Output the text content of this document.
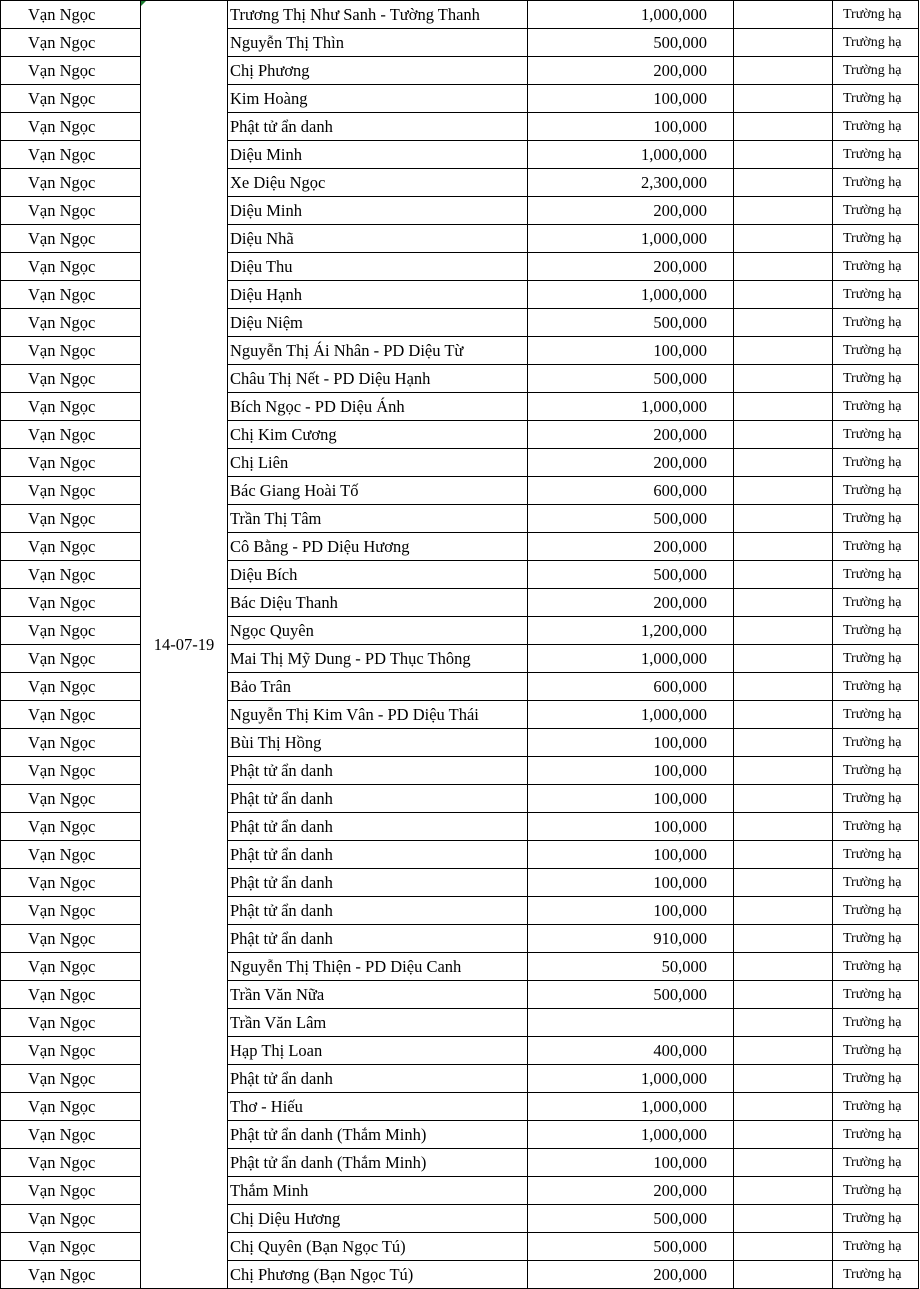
Vạn Ngọc	14-07-19	Trương Thị Như Sanh - Tường Thanh	1,000,000		Trường hạ
Vạn Ngọc		Nguyễn Thị Thìn	500,000		Trường hạ
Vạn Ngọc		Chị Phương	200,000		Trường hạ
Vạn Ngọc		Kim Hoàng	100,000		Trường hạ
Vạn Ngọc		Phật tử ẩn danh	100,000		Trường hạ
Vạn Ngọc		Diệu Minh	1,000,000		Trường hạ
Vạn Ngọc		Xe Diệu Ngọc	2,300,000		Trường hạ
Vạn Ngọc		Diệu Minh	200,000		Trường hạ
Vạn Ngọc		Diệu Nhã	1,000,000		Trường hạ
Vạn Ngọc		Diệu Thu	200,000		Trường hạ
Vạn Ngọc		Diệu Hạnh	1,000,000		Trường hạ
Vạn Ngọc		Diệu Niệm	500,000		Trường hạ
Vạn Ngọc		Nguyễn Thị Ái Nhân - PD Diệu Từ	100,000		Trường hạ
Vạn Ngọc		Châu Thị Nết - PD Diệu Hạnh	500,000		Trường hạ
Vạn Ngọc		Bích Ngọc - PD Diệu Ánh	1,000,000		Trường hạ
Vạn Ngọc		Chị Kim Cương	200,000		Trường hạ
Vạn Ngọc		Chị Liên	200,000		Trường hạ
Vạn Ngọc		Bác Giang Hoài Tố	600,000		Trường hạ
Vạn Ngọc		Trần Thị Tâm	500,000		Trường hạ
Vạn Ngọc		Cô Bằng - PD Diệu Hương	200,000		Trường hạ
Vạn Ngọc		Diệu Bích	500,000		Trường hạ
Vạn Ngọc		Bác Diệu Thanh	200,000		Trường hạ
Vạn Ngọc		Ngọc Quyên	1,200,000		Trường hạ
Vạn Ngọc		Mai Thị Mỹ Dung - PD Thục Thông	1,000,000		Trường hạ
Vạn Ngọc		Bảo Trân	600,000		Trường hạ
Vạn Ngọc		Nguyễn Thị Kim Vân - PD Diệu Thái	1,000,000		Trường hạ
Vạn Ngọc		Bùi Thị Hồng	100,000		Trường hạ
Vạn Ngọc		Phật tử ẩn danh	100,000		Trường hạ
Vạn Ngọc		Phật tử ẩn danh	100,000		Trường hạ
Vạn Ngọc		Phật tử ẩn danh	100,000		Trường hạ
Vạn Ngọc		Phật tử ẩn danh	100,000		Trường hạ
Vạn Ngọc		Phật tử ẩn danh	100,000		Trường hạ
Vạn Ngọc		Phật tử ẩn danh	100,000		Trường hạ
Vạn Ngọc		Phật tử ẩn danh	910,000		Trường hạ
Vạn Ngọc		Nguyễn Thị Thiện - PD Diệu Canh	50,000		Trường hạ
Vạn Ngọc		Trần Văn Nữa	500,000		Trường hạ
Vạn Ngọc		Trần Văn Lâm			Trường hạ
Vạn Ngọc		Hạp Thị Loan	400,000		Trường hạ
Vạn Ngọc		Phật tử ẩn danh	1,000,000		Trường hạ
Vạn Ngọc		Thơ - Hiếu	1,000,000		Trường hạ
Vạn Ngọc		Phật tử ẩn danh (Thắm Minh)	1,000,000		Trường hạ
Vạn Ngọc		Phật tử ẩn danh (Thắm Minh)	100,000		Trường hạ
Vạn Ngọc		Thắm Minh	200,000		Trường hạ
Vạn Ngọc		Chị Diệu Hương	500,000		Trường hạ
Vạn Ngọc		Chị Quyên (Bạn Ngọc Tú)	500,000		Trường hạ
Vạn Ngọc		Chị Phương (Bạn Ngọc Tú)	200,000		Trường hạ
